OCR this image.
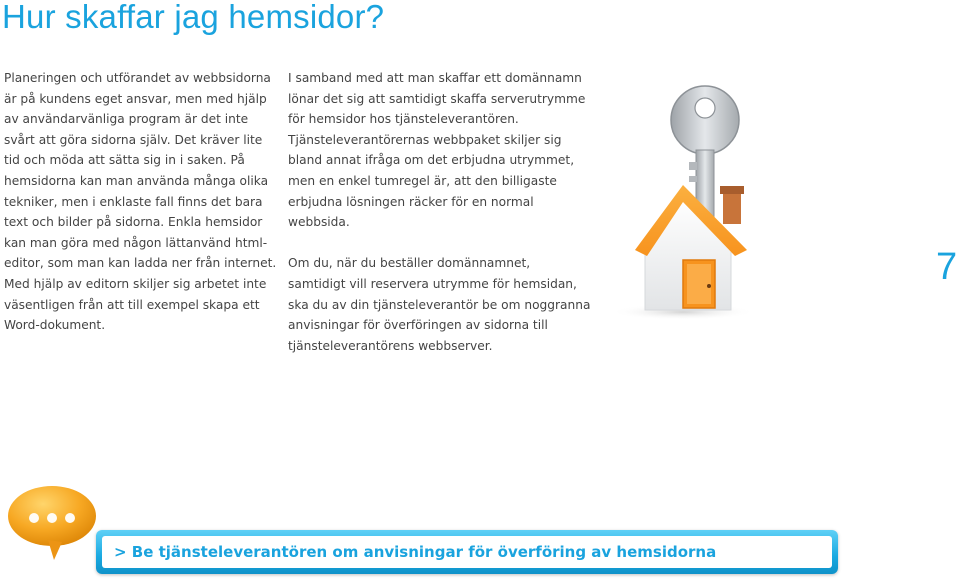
Hur skaffar jag hemsidor?

Planeringen och utförandet av webbsidorna

är på kundens eget ansvar, men med hjälp

av användarvänliga program är det inte

svårt att göra sidorna själv. Det kräver lite

tid och möda att sätta sig in i saken. På

hemsidorna kan man använda många olika

tekniker, men i enklaste fall finns det bara

text och bilder på sidorna. Enkla hemsidor

kan man göra med någon lättanvänd html-

editor, som man kan ladda ner från internet.

Med hjälp av editorn skiljer sig arbetet inte

väsentligen från att till exempel skapa ett

Word-dokument.

I samband med att man skaffar ett domännamn

lönar det sig att samtidigt skaffa serverutrymme

för hemsidor hos tjänsteleverantören.

Tjänsteleverantörernas webbpaket skiljer sig

bland annat ifråga om det erbjudna utrymmet,

men en enkel tumregel är, att den billigaste

erbjudna lösningen räcker för en normal

webbsida.

Om du, när du beställer domännamnet,

samtidigt vill reservera utrymme för hemsidan,

ska du av din tjänsteleverantör be om noggranna

anvisningar för överföringen av sidorna till

tjänsteleverantörens webbserver.

7
> Be tjänsteleverantören om anvisningar för överföring av hemsidorna
